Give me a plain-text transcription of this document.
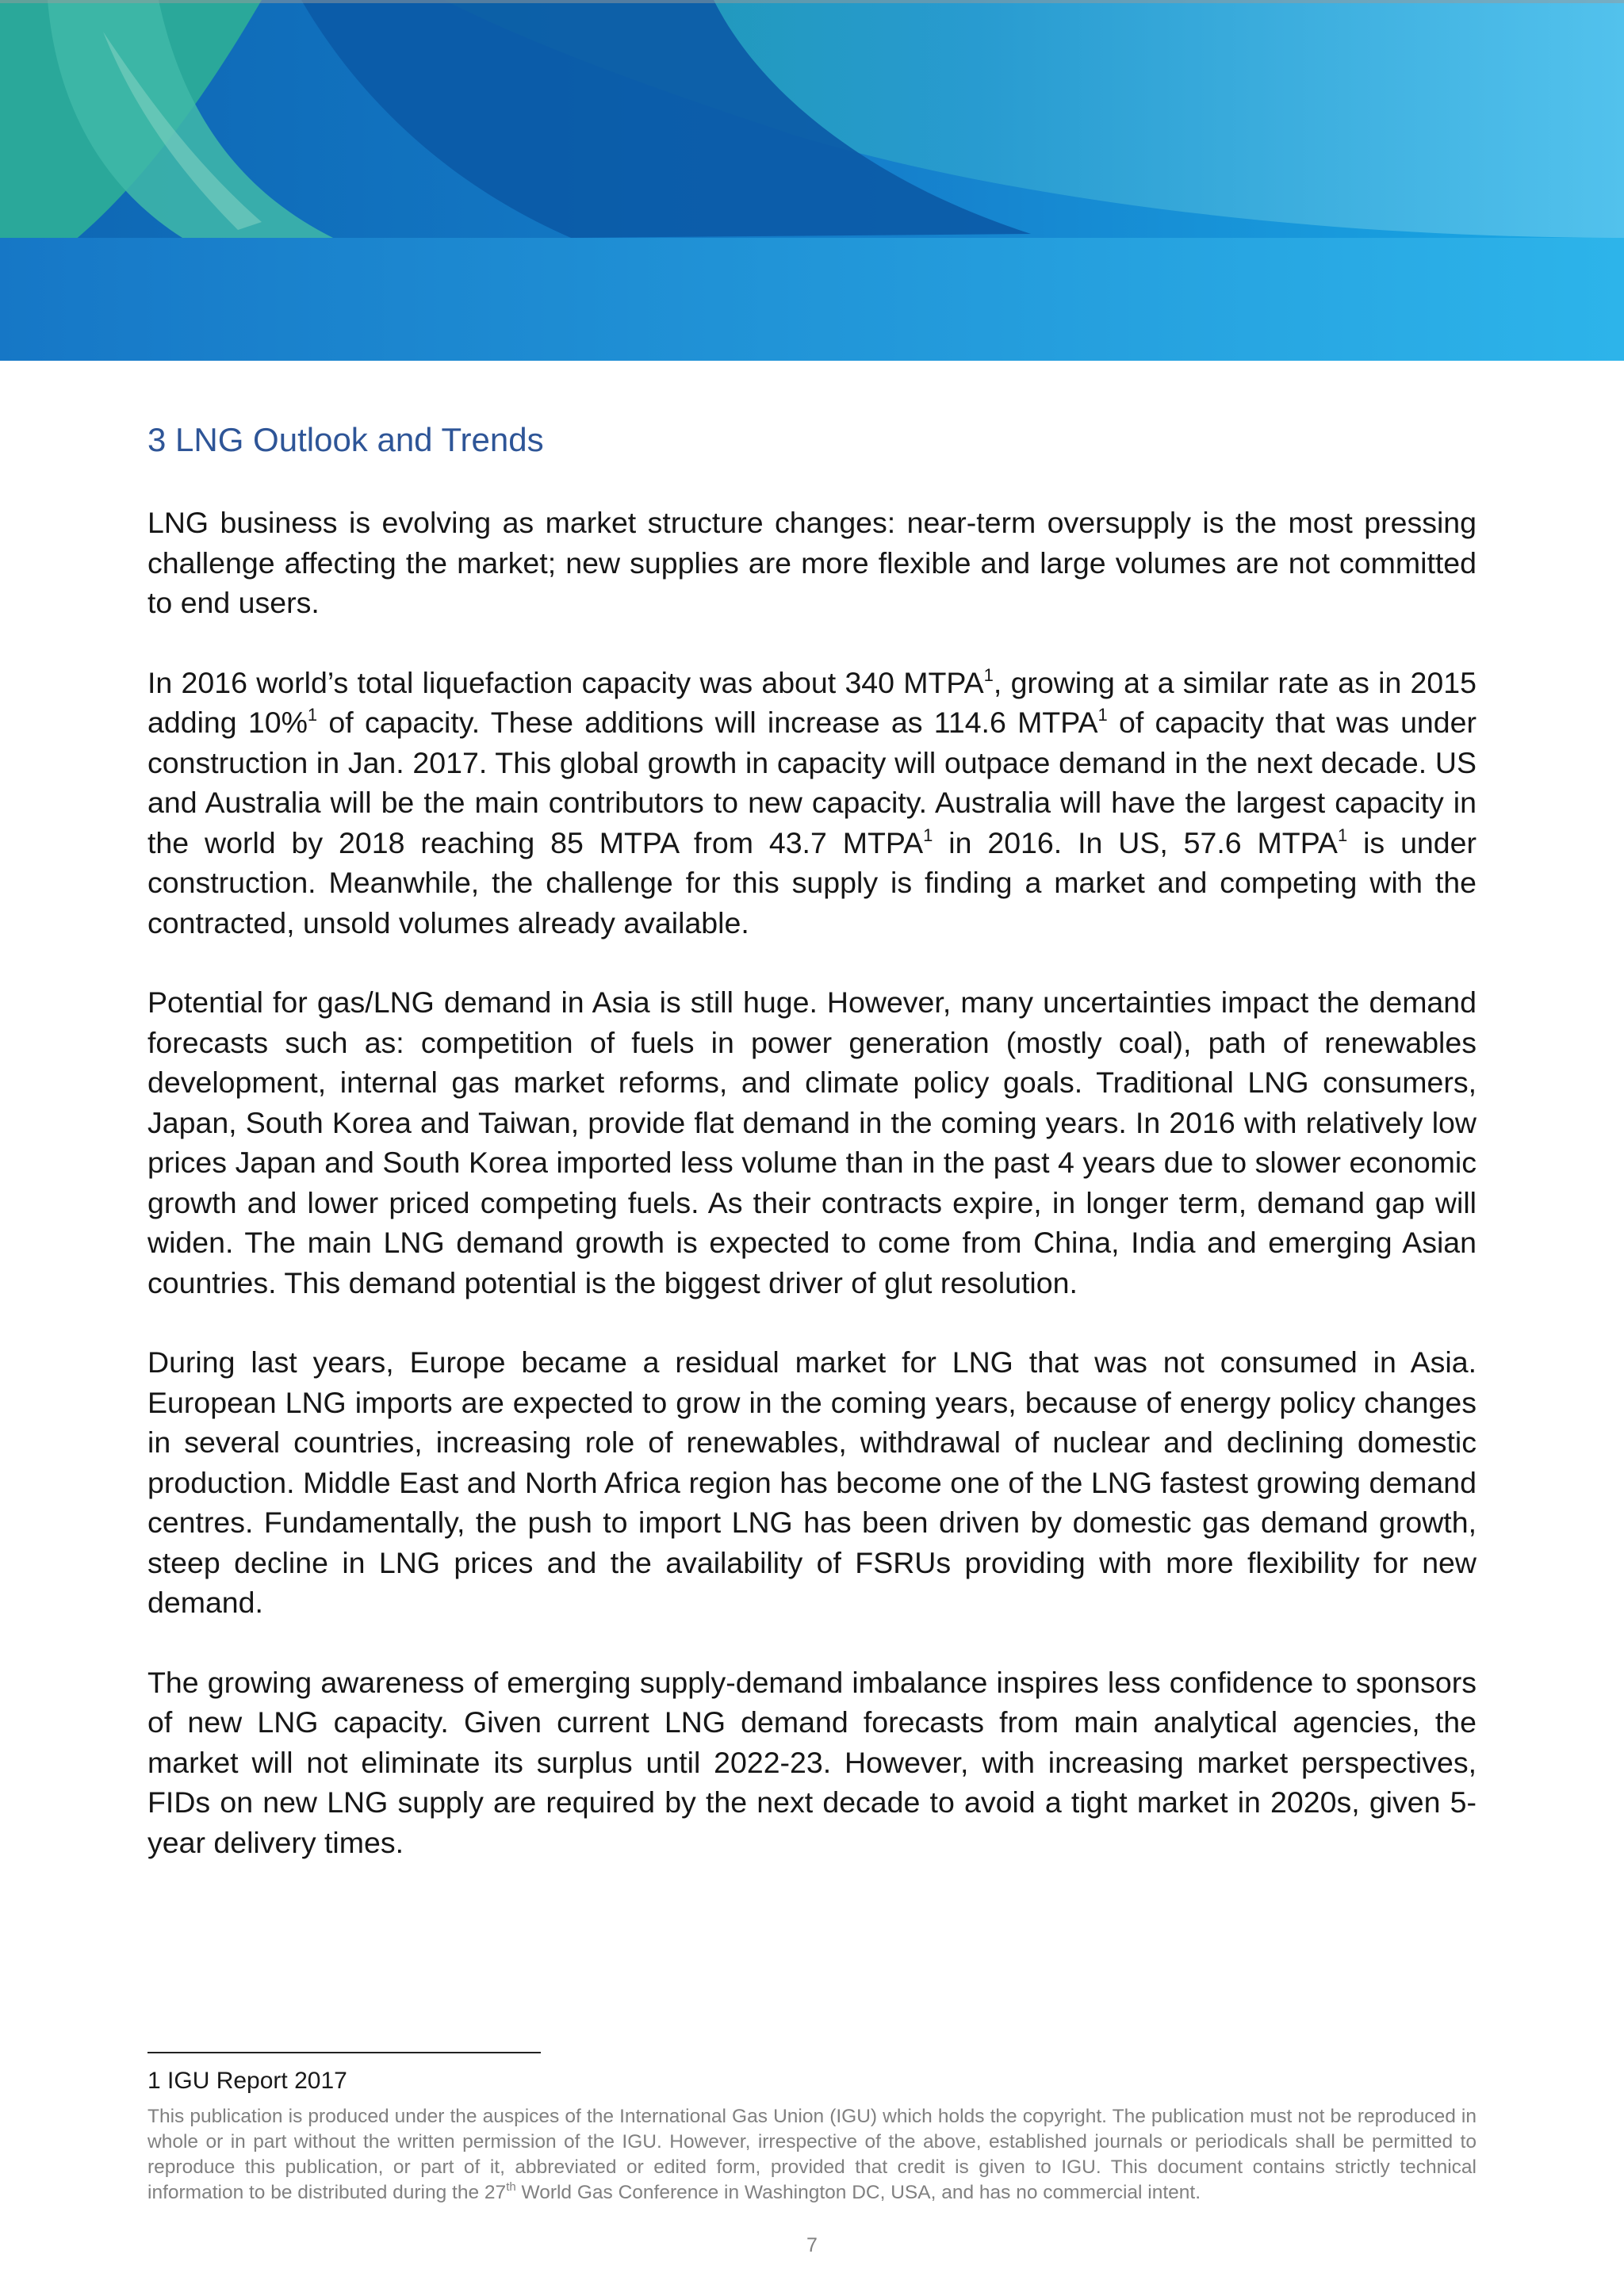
3 LNG Outlook and Trends

LNG business is evolving as market structure changes: near-term oversupply is the most pressing challenge affecting the market; new supplies are more flexible and large volumes are not committed to end users.

In 2016 world’s total liquefaction capacity was about 340 MTPA$^1$, growing at a similar rate as in 2015 adding 10%$^1$ of capacity. These additions will increase as 114.6 MTPA$^1$ of capacity that was under construction in Jan. 2017. This global growth in capacity will outpace demand in the next decade. US and Australia will be the main contributors to new capacity. Australia will have the largest capacity in the world by 2018 reaching 85 MTPA from 43.7 MTPA$^1$ in 2016. In US, 57.6 MTPA$^1$ is under construction. Meanwhile, the challenge for this supply is finding a market and competing with the contracted, unsold volumes already available.

Potential for gas/LNG demand in Asia is still huge. However, many uncertainties impact the demand forecasts such as: competition of fuels in power generation (mostly coal), path of renewables development, internal gas market reforms, and climate policy goals. Traditional LNG consumers, Japan, South Korea and Taiwan, provide flat demand in the coming years. In 2016 with relatively low prices Japan and South Korea imported less volume than in the past 4 years due to slower economic growth and lower priced competing fuels. As their contracts expire, in longer term, demand gap will widen. The main LNG demand growth is expected to come from China, India and emerging Asian countries. This demand potential is the biggest driver of glut resolution.

During last years, Europe became a residual market for LNG that was not consumed in Asia. European LNG imports are expected to grow in the coming years, because of energy policy changes in several countries, increasing role of renewables, withdrawal of nuclear and declining domestic production. Middle East and North Africa region has become one of the LNG fastest growing demand centres. Fundamentally, the push to import LNG has been driven by domestic gas demand growth, steep decline in LNG prices and the availability of FSRUs providing with more flexibility for new demand.

The growing awareness of emerging supply-demand imbalance inspires less confidence to sponsors of new LNG capacity. Given current LNG demand forecasts from main analytical agencies, the market will not eliminate its surplus until 2022-23. However, with increasing market perspectives, FIDs on new LNG supply are required by the next decade to avoid a tight market in 2020s, given 5-year delivery times.

1 IGU Report 2017
This publication is produced under the auspices of the International Gas Union (IGU) which holds the copyright. The publication must not be reproduced in whole or in part without the written permission of the IGU. However, irrespective of the above, established journals or periodicals shall be permitted to reproduce this publication, or part of it, abbreviated or edited form, provided that credit is given to IGU. This document contains strictly technical information to be distributed during the 27th World Gas Conference in Washington DC, USA, and has no commercial intent.
7
